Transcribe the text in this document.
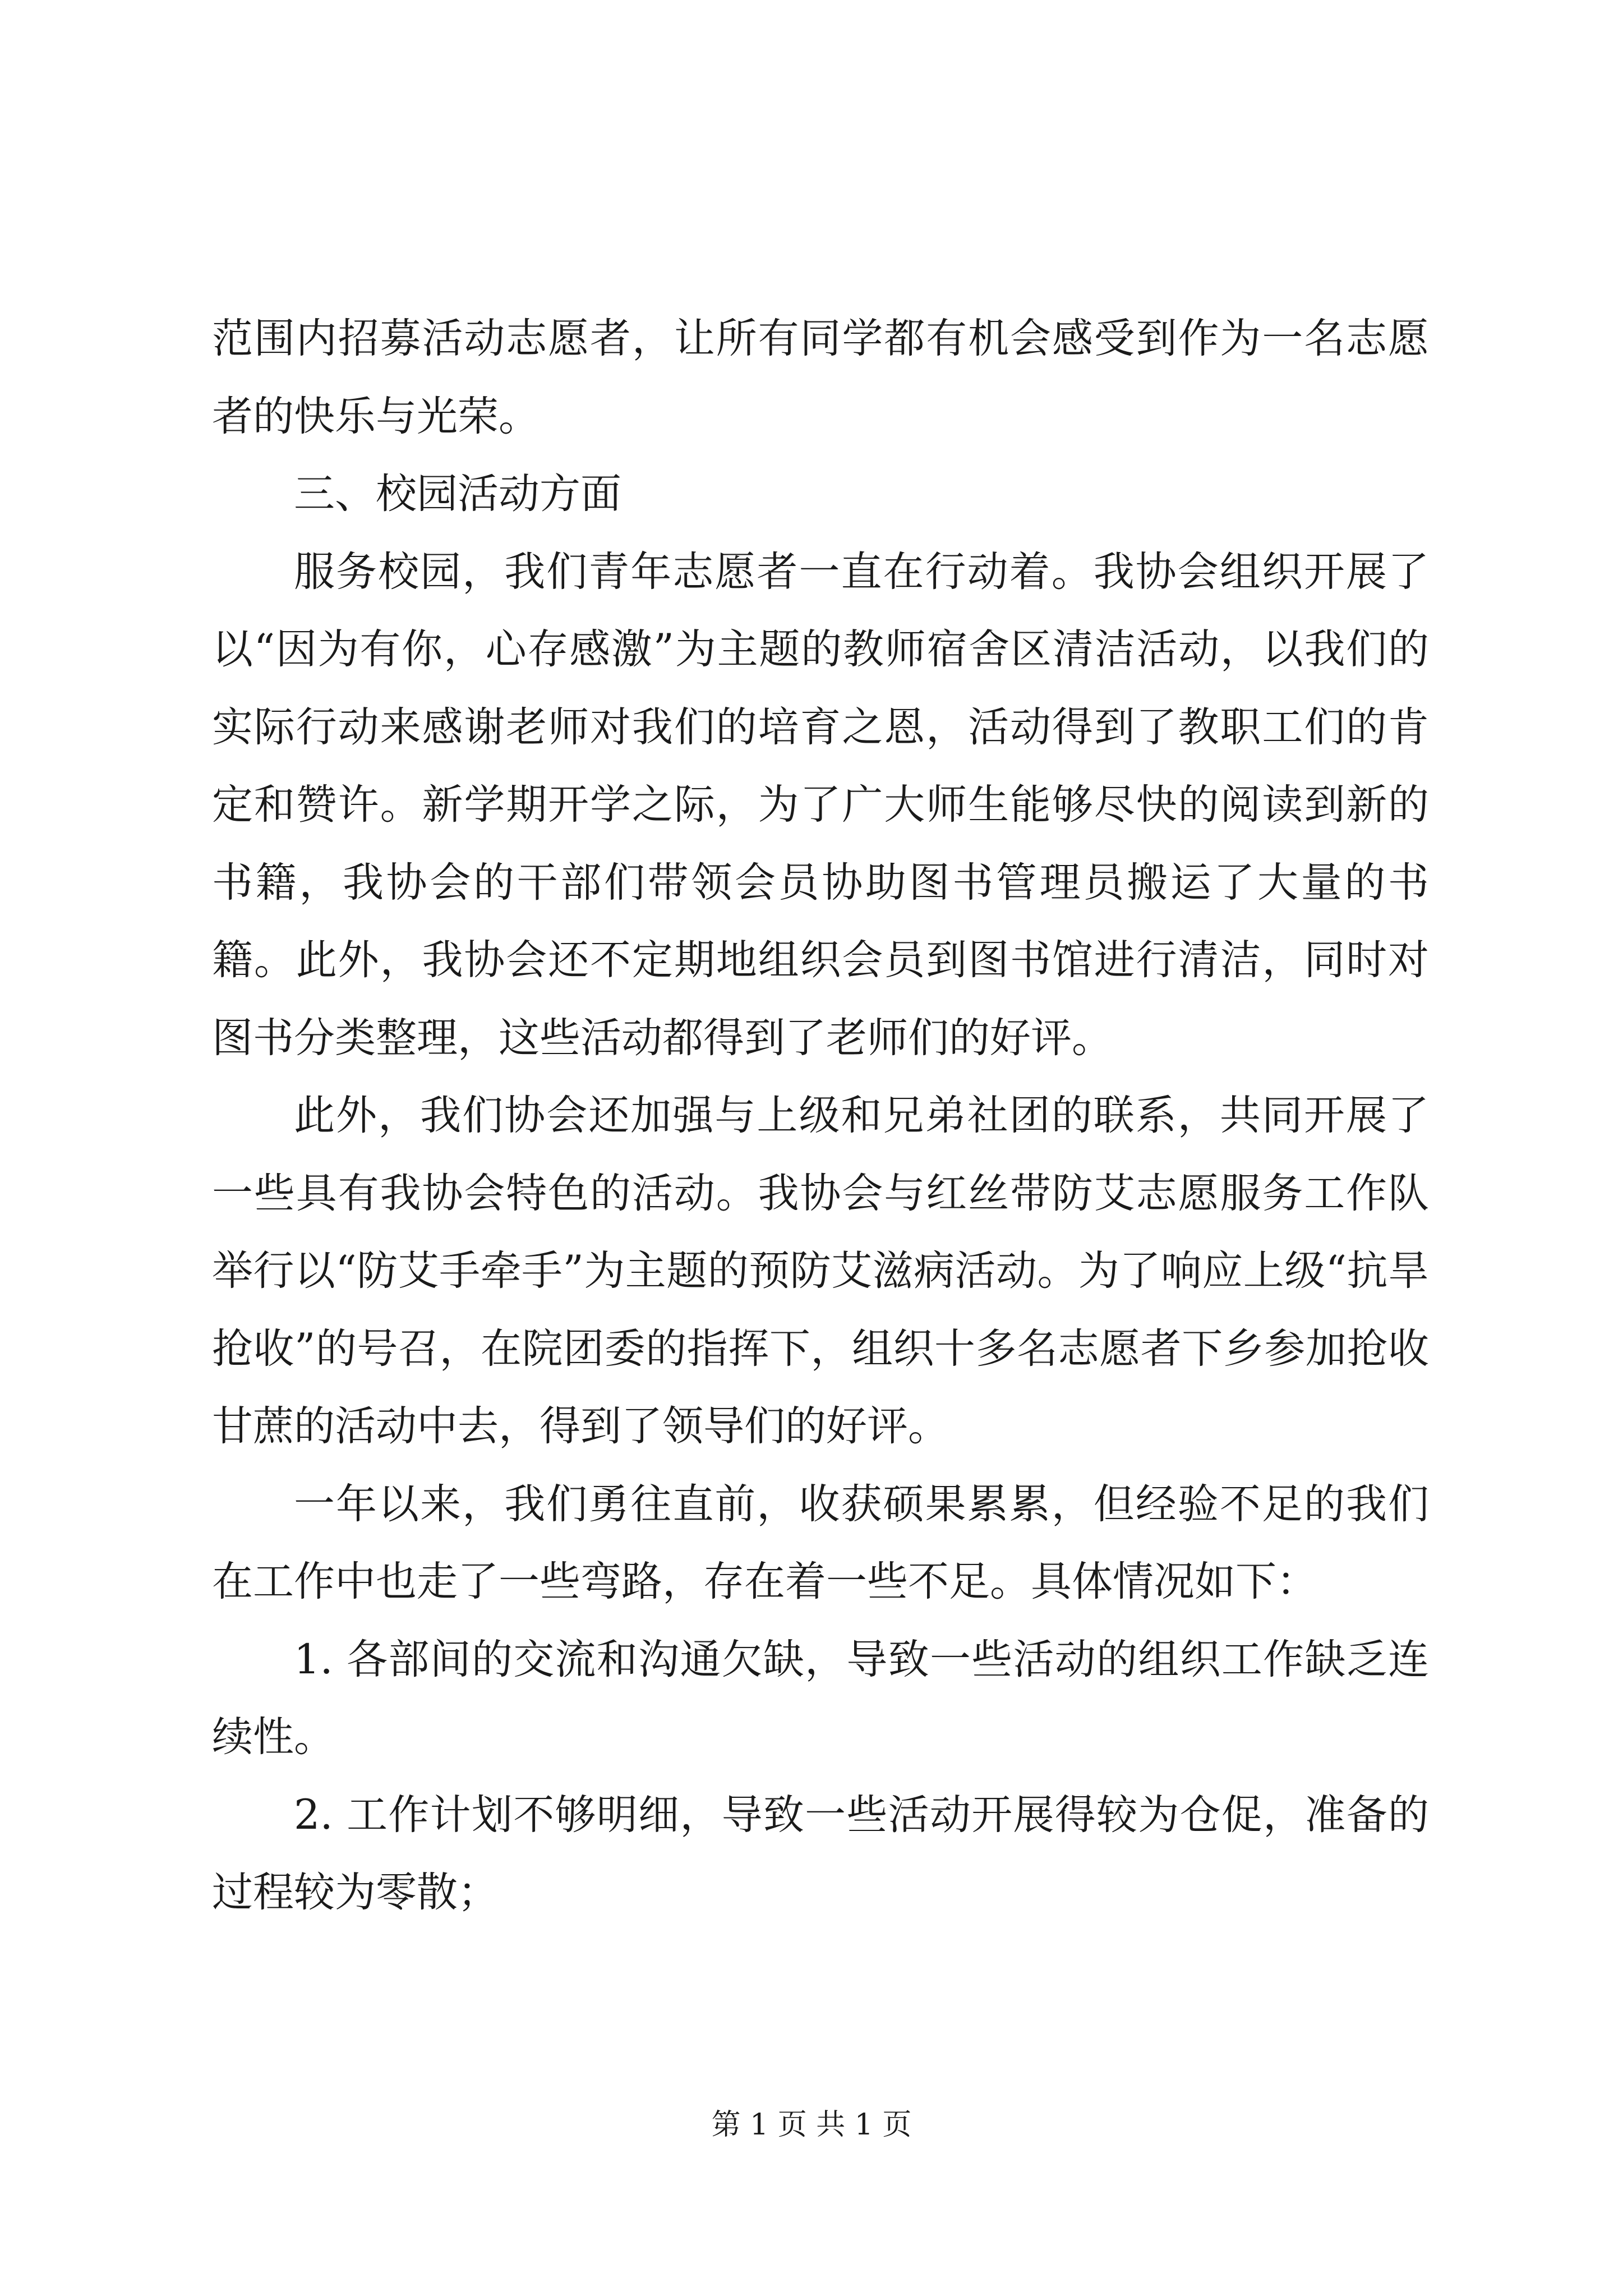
范围内招募活动志愿者，让所有同学都有机会感受到作为一名志愿者的快乐与光荣。

三、校园活动方面

服务校园，我们青年志愿者一直在行动着。我协会组织开展了以“因为有你，心存感激”为主题的教师宿舍区清洁活动，以我们的实际行动来感谢老师对我们的培育之恩，活动得到了教职工们的肯定和赞许。新学期开学之际，为了广大师生能够尽快的阅读到新的书籍，我协会的干部们带领会员协助图书管理员搬运了大量的书籍。此外，我协会还不定期地组织会员到图书馆进行清洁，同时对图书分类整理，这些活动都得到了老师们的好评。

此外，我们协会还加强与上级和兄弟社团的联系，共同开展了一些具有我协会特色的活动。我协会与红丝带防艾志愿服务工作队举行以“防艾手牵手”为主题的预防艾滋病活动。为了响应上级“抗旱抢收”的号召，在院团委的指挥下，组织十多名志愿者下乡参加抢收甘蔗的活动中去，得到了领导们的好评。

一年以来，我们勇往直前，收获硕果累累，但经验不足的我们在工作中也走了一些弯路，存在着一些不足。具体情况如下：

1. 各部间的交流和沟通欠缺，导致一些活动的组织工作缺乏连续性。

2. 工作计划不够明细，导致一些活动开展得较为仓促，准备的过程较为零散；

第 1 页 共 1 页
